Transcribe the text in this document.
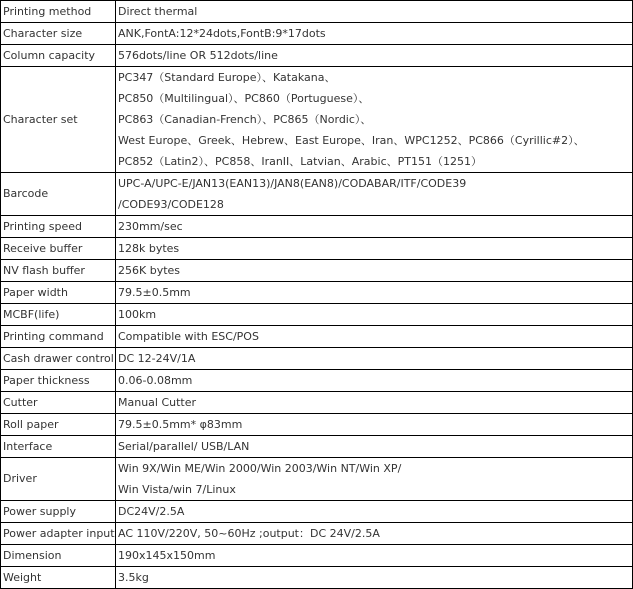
Printing method	Direct thermal

Character size	ANK,FontA:12*24dots,FontB:9*17dots

Column capacity	576dots/line OR 512dots/line

Character set	PC347（Standard Europe）、Katakana、
PC850（Multilingual）、PC860（Portuguese）、
PC863（Canadian-French）、PC865（Nordic）、
West Europe、Greek、Hebrew、East Europe、Iran、WPC1252、PC866（Cyrillic#2）、
PC852（Latin2）、PC858、IranII、Latvian、Arabic、PT151（1251）

Barcode	UPC-A/UPC-E/JAN13(EAN13)/JAN8(EAN8)/CODABAR/ITF/CODE39
/CODE93/CODE128

Printing speed	230mm/sec

Receive buffer	128k bytes

NV flash buffer	256K bytes

Paper width	79.5±0.5mm

MCBF(life)	100km

Printing command	Compatible with ESC/POS

Cash drawer control	DC 12-24V/1A

Paper thickness	0.06-0.08mm

Cutter	Manual Cutter

Roll paper	79.5±0.5mm* φ83mm

Interface	Serial/parallel/ USB/LAN

Driver	Win 9X/Win ME/Win 2000/Win 2003/Win NT/Win XP/
Win Vista/win 7/Linux

Power supply	DC24V/2.5A

Power adapter input	AC 110V/220V, 50~60Hz ;output：DC 24V/2.5A

Dimension	190x145x150mm

Weight	3.5kg
